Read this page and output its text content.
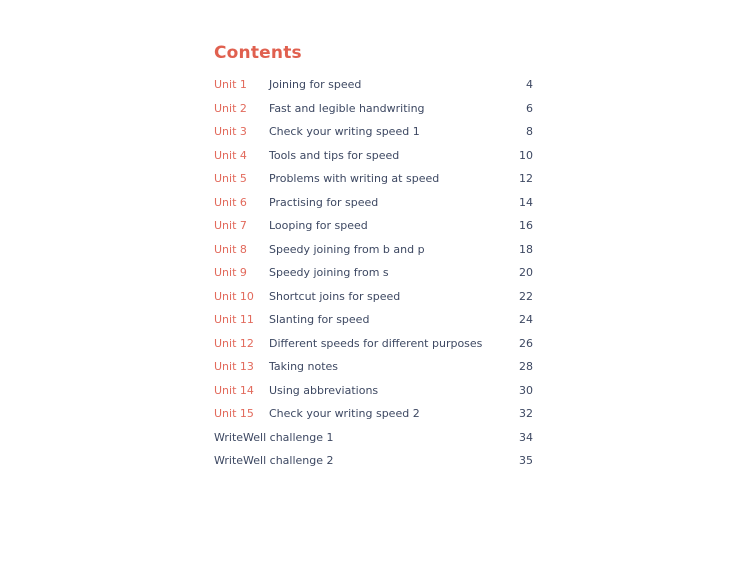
Contents
Unit 1 Joining for speed	4
Unit 2 Fast and legible handwriting	6
Unit 3 Check your writing speed 1	8
Unit 4 Tools and tips for speed	10
Unit 5 Problems with writing at speed	12
Unit 6 Practising for speed	14
Unit 7 Looping for speed	16
Unit 8 Speedy joining from b and p	18
Unit 9 Speedy joining from s	20
Unit 10 Shortcut joins for speed	22
Unit 11 Slanting for speed	24
Unit 12 Different speeds for different purposes	26
Unit 13 Taking notes	28
Unit 14 Using abbreviations	30
Unit 15 Check your writing speed 2	32
WriteWell challenge 1	34
WriteWell challenge 2	35
